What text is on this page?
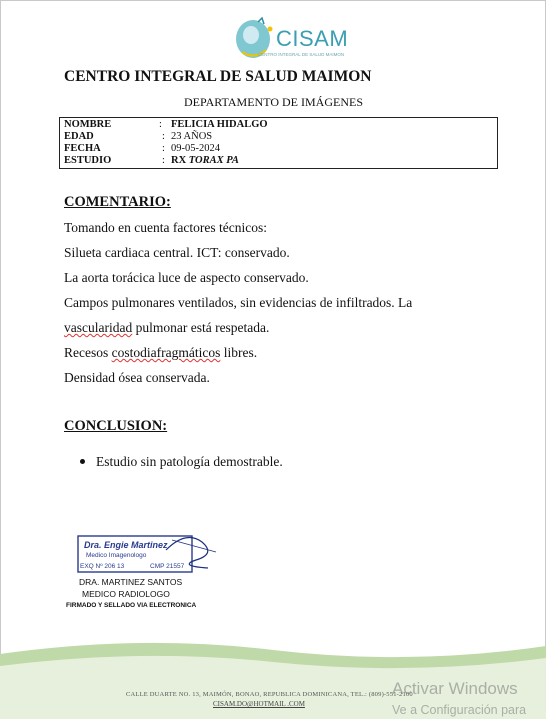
CISAM
CENTRO INTEGRAL DE SALUD MAIMON
CENTRO INTEGRAL DE SALUD MAIMON
DEPARTAMENTO DE IMÁGENES
NOMBRE	: FELICIA HIDALGO
EDAD	: 23 AÑOS
FECHA	: 09-05-2024
ESTUDIO	: RX TORAX PA
COMENTARIO:
Tomando en cuenta factores técnicos:
Silueta cardiaca central. ICT: conservado.
La aorta torácica luce de aspecto conservado.
Campos pulmonares ventilados, sin evidencias de infiltrados. La
vascularidad pulmonar está respetada.
Recesos costodiafragmáticos libres.
Densidad ósea conservada.
CONCLUSION:
Estudio sin patología demostrable.
Dra. Engie Martinez
Medico Imagenologo
EXQ Nº 206 13	CMP 21557
DRA. MARTINEZ SANTOS
MEDICO RADIOLOGO
FIRMADO Y SELLADO VIA ELECTRONICA
CALLE DUARTE NO. 13, MAIMÓN, BONAO, REPUBLICA DOMINICANA, TEL.: (809)-551-2100
CISAM.DO@HOTMAIL .COM
Activar Windows
Ve a Configuración para
